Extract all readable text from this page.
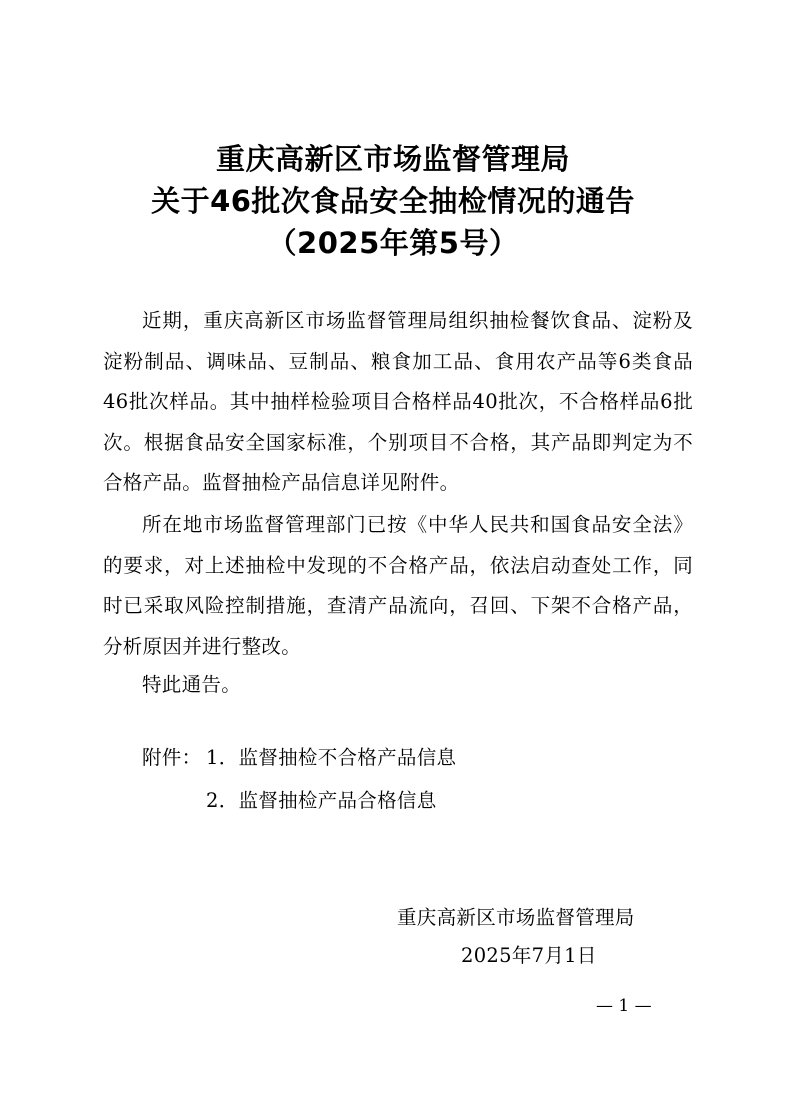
重庆高新区市场监督管理局
关于46批次食品安全抽检情况的通告
（2025年第5号）

近期，重庆高新区市场监督管理局组织抽检餐饮食品、淀粉及淀粉制品、调味品、豆制品、粮食加工品、食用农产品等6类食品46批次样品。其中抽样检验项目合格样品40批次，不合格样品6批次。根据食品安全国家标准，个别项目不合格，其产品即判定为不合格产品。监督抽检产品信息详见附件。

所在地市场监督管理部门已按《中华人民共和国食品安全法》的要求，对上述抽检中发现的不合格产品，依法启动查处工作，同时已采取风险控制措施，查清产品流向，召回、下架不合格产品，分析原因并进行整改。

特此通告。

附件： 1．监督抽检不合格产品信息
2．监督抽检产品合格信息
重庆高新区市场监督管理局
2025年7月1日
— 1 —
